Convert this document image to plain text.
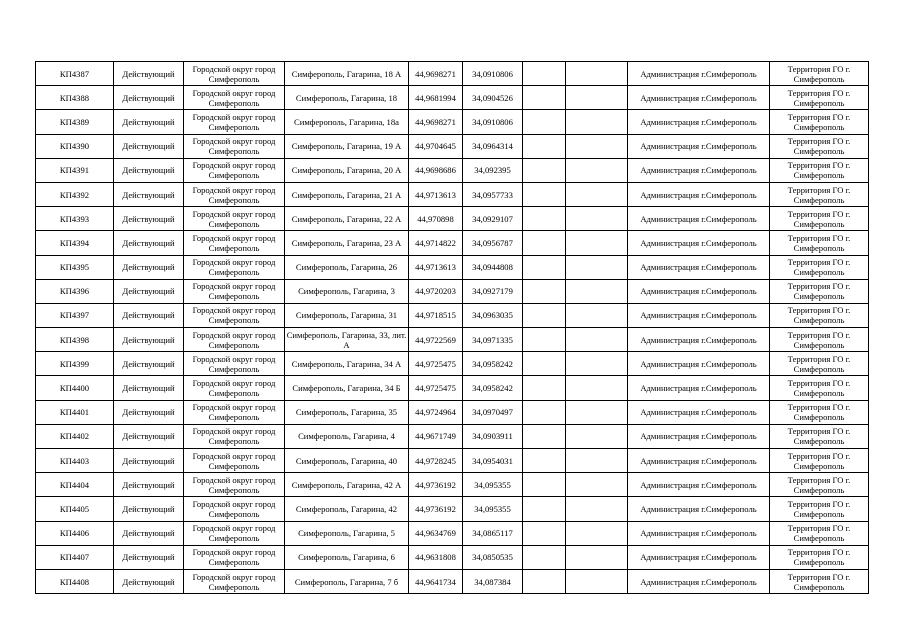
КП4387	Действующий	Городской округ город Симферополь	Симферополь, Гагарина, 18 А	44,9698271	34,0910806			Администрация г.Симферополь	Территория ГО г. Симферополь
КП4388	Действующий	Городской округ город Симферополь	Симферополь, Гагарина, 18	44,9681994	34,0904526			Администрация г.Симферополь	Территория ГО г. Симферополь
КП4389	Действующий	Городской округ город Симферополь	Симферополь, Гагарина, 18а	44,9698271	34,0910806			Администрация г.Симферополь	Территория ГО г. Симферополь
КП4390	Действующий	Городской округ город Симферополь	Симферополь, Гагарина, 19 А	44,9704645	34,0964314			Администрация г.Симферополь	Территория ГО г. Симферополь
КП4391	Действующий	Городской округ город Симферополь	Симферополь, Гагарина, 20 А	44,9698686	34,092395			Администрация г.Симферополь	Территория ГО г. Симферополь
КП4392	Действующий	Городской округ город Симферополь	Симферополь, Гагарина, 21 А	44,9713613	34,0957733			Администрация г.Симферополь	Территория ГО г. Симферополь
КП4393	Действующий	Городской округ город Симферополь	Симферополь, Гагарина, 22 А	44,970898	34,0929107			Администрация г.Симферополь	Территория ГО г. Симферополь
КП4394	Действующий	Городской округ город Симферополь	Симферополь, Гагарина, 23 А	44,9714822	34,0956787			Администрация г.Симферополь	Территория ГО г. Симферополь
КП4395	Действующий	Городской округ город Симферополь	Симферополь, Гагарина, 26	44,9713613	34,0944808			Администрация г.Симферополь	Территория ГО г. Симферополь
КП4396	Действующий	Городской округ город Симферополь	Симферополь, Гагарина, 3	44,9720203	34,0927179			Администрация г.Симферополь	Территория ГО г. Симферополь
КП4397	Действующий	Городской округ город Симферополь	Симферополь, Гагарина, 31	44,9718515	34,0963035			Администрация г.Симферополь	Территория ГО г. Симферополь
КП4398	Действующий	Городской округ город Симферополь	Симферополь, Гагарина, 33, лит. А	44,9722569	34,0971335			Администрация г.Симферополь	Территория ГО г. Симферополь
КП4399	Действующий	Городской округ город Симферополь	Симферополь, Гагарина, 34 А	44,9725475	34,0958242			Администрация г.Симферополь	Территория ГО г. Симферополь
КП4400	Действующий	Городской округ город Симферополь	Симферополь, Гагарина, 34 Б	44,9725475	34,0958242			Администрация г.Симферополь	Территория ГО г. Симферополь
КП4401	Действующий	Городской округ город Симферополь	Симферополь, Гагарина, 35	44,9724964	34,0970497			Администрация г.Симферополь	Территория ГО г. Симферополь
КП4402	Действующий	Городской округ город Симферополь	Симферополь, Гагарина, 4	44,9671749	34,0903911			Администрация г.Симферополь	Территория ГО г. Симферополь
КП4403	Действующий	Городской округ город Симферополь	Симферополь, Гагарина, 40	44,9728245	34,0954031			Администрация г.Симферополь	Территория ГО г. Симферополь
КП4404	Действующий	Городской округ город Симферополь	Симферополь, Гагарина, 42 А	44,9736192	34,095355			Администрация г.Симферополь	Территория ГО г. Симферополь
КП4405	Действующий	Городской округ город Симферополь	Симферополь, Гагарина, 42	44,9736192	34,095355			Администрация г.Симферополь	Территория ГО г. Симферополь
КП4406	Действующий	Городской округ город Симферополь	Симферополь, Гагарина, 5	44,9634769	34,0865117			Администрация г.Симферополь	Территория ГО г. Симферополь
КП4407	Действующий	Городской округ город Симферополь	Симферополь, Гагарина, 6	44,9631808	34,0850535			Администрация г.Симферополь	Территория ГО г. Симферополь
КП4408	Действующий	Городской округ город Симферополь	Симферополь, Гагарина, 7 б	44,9641734	34,087384			Администрация г.Симферополь	Территория ГО г. Симферополь
